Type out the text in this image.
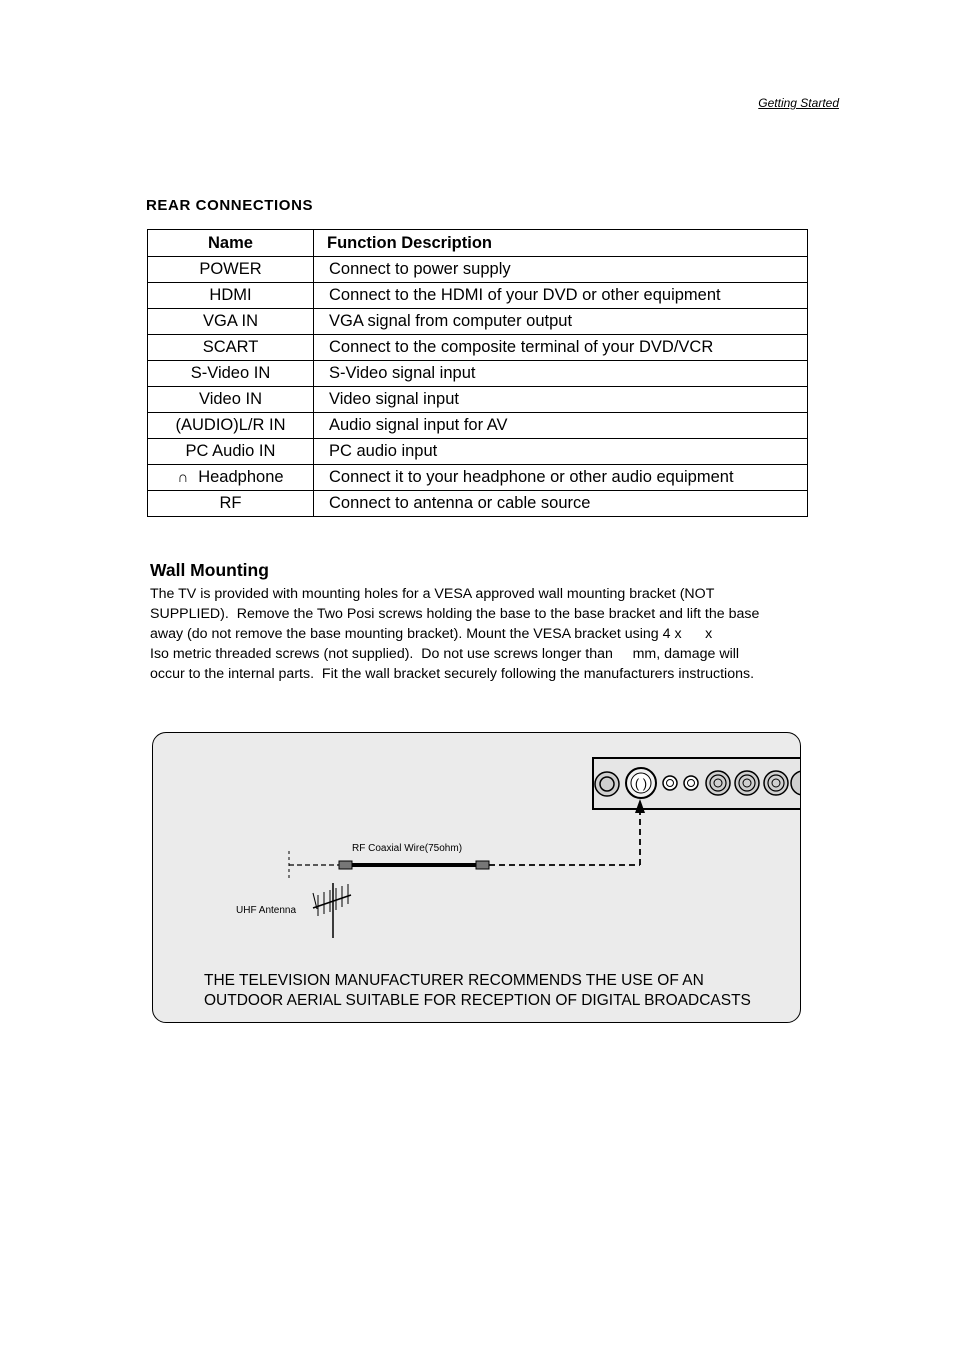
Getting Started
REAR CONNECTIONS
Name	Function Description
POWER	Connect to power supply
HDMI	Connect to the HDMI of your DVD or other equipment
VGA IN	VGA signal from computer output
SCART	Connect to the composite terminal of your DVD/VCR
S-Video IN	S-Video signal input
Video IN	Video signal input
(AUDIO)L/R IN	Audio signal input for AV
PC Audio IN	PC audio input
∩ Headphone	Connect it to your headphone or other audio equipment
RF	Connect to antenna or cable source
Wall Mounting

The TV is provided with mounting holes for a VESA approved wall mounting bracket (NOT

SUPPLIED).  Remove the Two Posi screws holding the base to the base bracket and lift the base

away (do not remove the base mounting bracket). Mount the VESA bracket using 4 x      x

Iso metric threaded screws (not supplied).  Do not use screws longer than     mm, damage will

occur to the internal parts.  Fit the wall bracket securely following the manufacturers instructions.

( )
RF Coaxial Wire(75ohm)
UHF Antenna
THE TELEVISION MANUFACTURER RECOMMENDS THE USE OF AN
OUTDOOR AERIAL SUITABLE FOR RECEPTION OF DIGITAL BROADCASTS
